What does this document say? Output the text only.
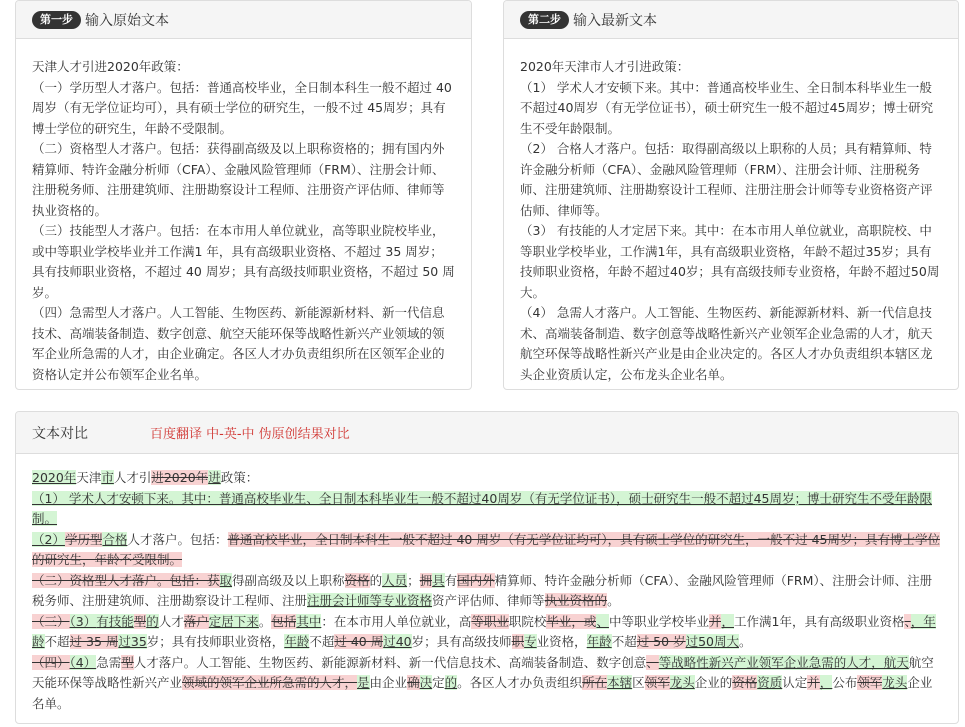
第一步 输入原始文本

天津人才引进2020年政策：

（一）学历型人才落户。包括：普通高校毕业，全日制本科生一般不超过 40 周岁（有无学位证均可），具有硕士学位的研究生，一般不过 45周岁；具有博士学位的研究生，年龄不受限制。

（二）资格型人才落户。包括：获得副高级及以上职称资格的；拥有国内外精算师、特许金融分析师（CFA）、金融风险管理师（FRM）、注册会计师、注册税务师、注册建筑师、注册勘察设计工程师、注册资产评估师、律师等执业资格的。

（三）技能型人才落户。包括：在本市用人单位就业，高等职业院校毕业，或中等职业学校毕业并工作满1 年，具有高级职业资格、不超过 35 周岁；具有技师职业资格，不超过 40 周岁；具有高级技师职业资格，不超过 50 周岁。

（四）急需型人才落户。人工智能、生物医药、新能源新材料、新一代信息技术、高端装备制造、数字创意、航空天能环保等战略性新兴产业领域的领军企业所急需的人才，由企业确定。各区人才办负责组织所在区领军企业的资格认定并公布领军企业名单。

第二步 输入最新文本

2020年天津市人才引进政策：

（1） 学术人才安顿下来。其中：普通高校毕业生、全日制本科毕业生一般不超过40周岁（有无学位证书），硕士研究生一般不超过45周岁；博士研究生不受年龄限制。

（2） 合格人才落户。包括：取得副高级以上职称的人员；具有精算师、特许金融分析师（CFA）、金融风险管理师（FRM）、注册会计师、注册税务师、注册建筑师、注册勘察设计工程师、注册注册会计师等专业资格资产评估师、律师等。

（3） 有技能的人才定居下来。其中：在本市用人单位就业，高职院校、中等职业学校毕业，工作满1年，具有高级职业资格，年龄不超过35岁；具有技师职业资格，年龄不超过40岁；具有高级技师专业资格，年龄不超过50周大。

（4） 急需人才落户。人工智能、生物医药、新能源新材料、新一代信息技术、高端装备制造、数字创意等战略性新兴产业领军企业急需的人才，航天航空环保等战略性新兴产业是由企业决定的。各区人才办负责组织本辖区龙头企业资质认定，公布龙头企业名单。

文本对比	百度翻译 中-英-中 伪原创结果对比

2020年天津市人才引进2020年进政策：

（1） 学术人才安顿下来。其中：普通高校毕业生、全日制本科毕业生一般不超过40周岁（有无学位证书），硕士研究生一般不超过45周岁；博士研究生不受年龄限制。

（2）学历型合格人才落户。包括：普通高校毕业，全日制本科生一般不超过 40 周岁（有无学位证均可），具有硕士学位的研究生，一般不过 45周岁；具有博士学位的研究生，年龄不受限制。

（二）资格型人才落户。包括：获取得副高级及以上职称资格的人员；拥具有国内外精算师、特许金融分析师（CFA）、金融风险管理师（FRM）、注册会计师、注册税务师、注册建筑师、注册勘察设计工程师、注册注册会计师等专业资格资产评估师、律师等执业资格的。

（三）（3）有技能型的人才落户定居下来。包括其中：在本市用人单位就业，高等职业职院校毕业，或、中等职业学校毕业并，工作满1年，具有高级职业资格、，年龄不超过 35 周过35岁；具有技师职业资格，年龄不超过 40 周过40岁；具有高级技师职专业资格，年龄不超过 50 岁过50周大。

（四）（4）急需型人才落户。人工智能、生物医药、新能源新材料、新一代信息技术、高端装备制造、数字创意、等战略性新兴产业领军企业急需的人才，航天航空天能环保等战略性新兴产业领域的领军企业所急需的人才，是由企业确决定的。各区人才办负责组织所在本辖区领军龙头企业的资格资质认定并，公布领军龙头企业名单。
